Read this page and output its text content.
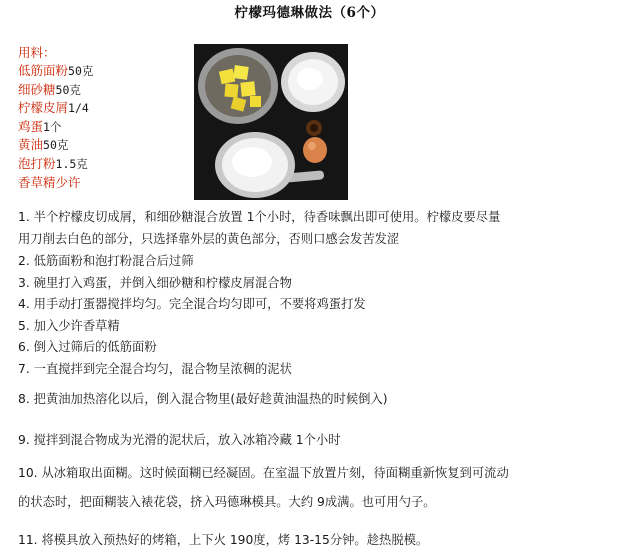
柠檬玛德琳做法（6个）
用料：
低筋面粉50克
细砂糖50克
柠檬皮屑1/4
鸡蛋1个
黄油50克
泡打粉1.5克
香草精少许
1. 半个柠檬皮切成屑，和细砂糖混合放置 1个小时，待香味飘出即可使用。柠檬皮要尽量
用刀削去白色的部分，只选择靠外层的黄色部分，否则口感会发苦发涩
2. 低筋面粉和泡打粉混合后过筛
3. 碗里打入鸡蛋，并倒入细砂糖和柠檬皮屑混合物
4. 用手动打蛋器搅拌均匀。完全混合均匀即可，不要将鸡蛋打发
5. 加入少许香草精
6. 倒入过筛后的低筋面粉
7. 一直搅拌到完全混合均匀，混合物呈浓稠的泥状
8. 把黄油加热溶化以后，倒入混合物里(最好趁黄油温热的时候倒入)
9. 搅拌到混合物成为光滑的泥状后，放入冰箱冷藏 1个小时
10. 从冰箱取出面糊。这时候面糊已经凝固。在室温下放置片刻，待面糊重新恢复到可流动
的状态时，把面糊装入裱花袋，挤入玛德琳模具。大约 9成满。也可用勺子。
11. 将模具放入预热好的烤箱，上下火 190度，烤 13-15分钟。趁热脱模。
